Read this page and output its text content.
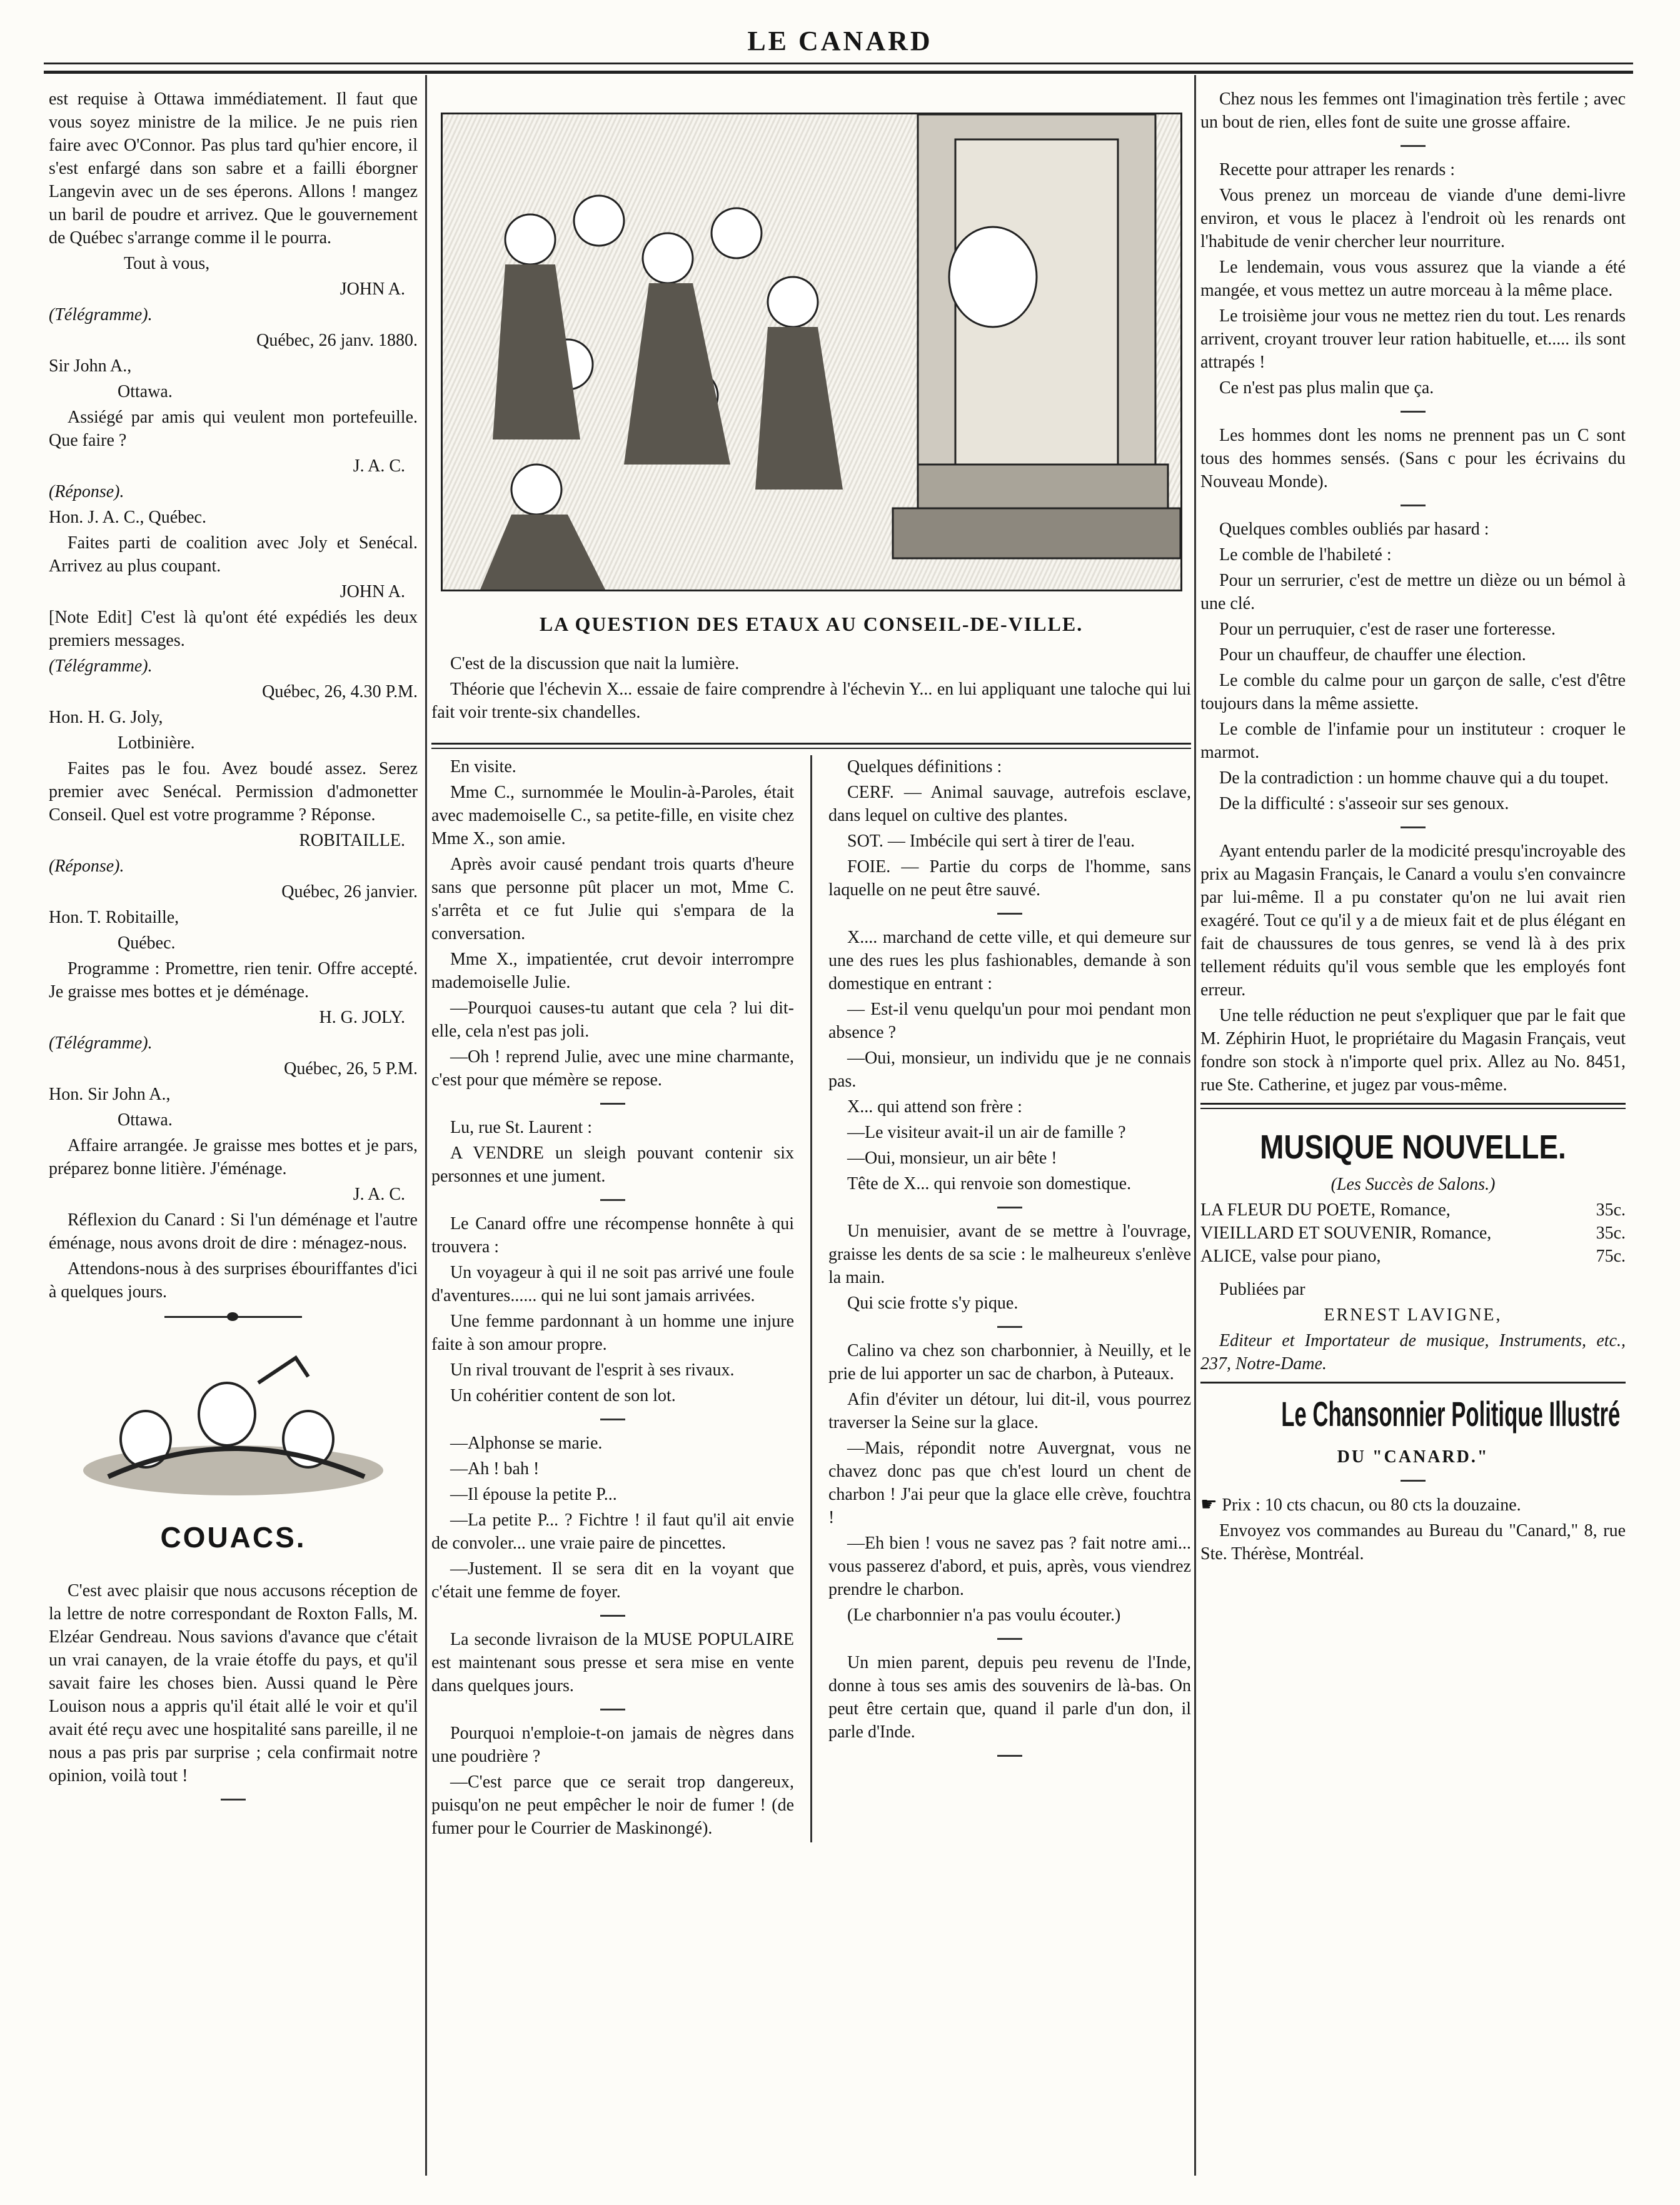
LE CANARD

est requise à Ottawa immédiatement. Il faut que vous soyez ministre de la milice. Je ne puis rien faire avec O'Connor. Pas plus tard qu'hier encore, il s'est enfargé dans son sabre et a failli éborgner Langevin avec un de ses éperons. Allons ! mangez un baril de poudre et arrivez. Que le gouvernement de Québec s'arrange comme il le pourra.

Tout à vous,

JOHN A.

(Télégramme).

Québec, 26 janv. 1880.

Sir John A.,

Ottawa.

Assiégé par amis qui veulent mon portefeuille. Que faire ?

J. A. C.

(Réponse).

Hon. J. A. C., Québec.

Faites parti de coalition avec Joly et Senécal. Arrivez au plus coupant.

JOHN A.

[Note Edit] C'est là qu'ont été expédiés les deux premiers messages.

(Télégramme).

Québec, 26, 4.30 P.M.

Hon. H. G. Joly,

Lotbinière.

Faites pas le fou. Avez boudé assez. Serez premier avec Senécal. Permission d'admonetter Conseil. Quel est votre programme ? Réponse.

ROBITAILLE.

(Réponse).

Québec, 26 janvier.

Hon. T. Robitaille,

Québec.

Programme : Promettre, rien tenir. Offre accepté. Je graisse mes bottes et je déménage.

H. G. JOLY.

(Télégramme).

Québec, 26, 5 P.M.

Hon. Sir John A.,

Ottawa.

Affaire arrangée. Je graisse mes bottes et je pars, préparez bonne litière. J'éménage.

J. A. C.

Réflexion du Canard : Si l'un déménage et l'autre éménage, nous avons droit de dire : ménagez-nous.

Attendons-nous à des surprises ébouriffantes d'ici à quelques jours.

COUACS.

C'est avec plaisir que nous accusons réception de la lettre de notre correspondant de Roxton Falls, M. Elzéar Gendreau. Nous savions d'avance que c'était un vrai canayen, de la vraie étoffe du pays, et qu'il savait faire les choses bien. Aussi quand le Père Louison nous a appris qu'il était allé le voir et qu'il avait été reçu avec une hospitalité sans pareille, il ne nous a pas pris par surprise ; cela confirmait notre opinion, voilà tout !

LA QUESTION DES ETAUX AU CONSEIL-DE-VILLE.

C'est de la discussion que nait la lumière.

Théorie que l'échevin X... essaie de faire comprendre à l'échevin Y... en lui appliquant une taloche qui lui fait voir trente-six chandelles.

En visite.

Mme C., surnommée le Moulin-à-Paroles, était avec mademoiselle C., sa petite-fille, en visite chez Mme X., son amie.

Après avoir causé pendant trois quarts d'heure sans que personne pût placer un mot, Mme C. s'arrêta et ce fut Julie qui s'empara de la conversation.

Mme X., impatientée, crut devoir interrompre mademoiselle Julie.

—Pourquoi causes-tu autant que cela ? lui dit-elle, cela n'est pas joli.

—Oh ! reprend Julie, avec une mine charmante, c'est pour que mémère se repose.

Lu, rue St. Laurent :

A VENDRE un sleigh pouvant contenir six personnes et une jument.

Le Canard offre une récompense honnête à qui trouvera :

Un voyageur à qui il ne soit pas arrivé une foule d'aventures...... qui ne lui sont jamais arrivées.

Une femme pardonnant à un homme une injure faite à son amour propre.

Un rival trouvant de l'esprit à ses rivaux.

Un cohéritier content de son lot.

—Alphonse se marie.

—Ah ! bah !

—Il épouse la petite P...

—La petite P... ? Fichtre ! il faut qu'il ait envie de convoler... une vraie paire de pincettes.

—Justement. Il se sera dit en la voyant que c'était une femme de foyer.

La seconde livraison de la MUSE POPULAIRE est maintenant sous presse et sera mise en vente dans quelques jours.

Pourquoi n'emploie-t-on jamais de nègres dans une poudrière ?

—C'est parce que ce serait trop dangereux, puisqu'on ne peut empêcher le noir de fumer ! (de fumer pour le Courrier de Maskinongé).

Quelques définitions :

CERF. — Animal sauvage, autrefois esclave, dans lequel on cultive des plantes.

SOT. — Imbécile qui sert à tirer de l'eau.

FOIE. — Partie du corps de l'homme, sans laquelle on ne peut être sauvé.

X.... marchand de cette ville, et qui demeure sur une des rues les plus fashionables, demande à son domestique en entrant :

— Est-il venu quelqu'un pour moi pendant mon absence ?

—Oui, monsieur, un individu que je ne connais pas.

X... qui attend son frère :

—Le visiteur avait-il un air de famille ?

—Oui, monsieur, un air bête !

Tête de X... qui renvoie son domestique.

Un menuisier, avant de se mettre à l'ouvrage, graisse les dents de sa scie : le malheureux s'enlève la main.

Qui scie frotte s'y pique.

Calino va chez son charbonnier, à Neuilly, et le prie de lui apporter un sac de charbon, à Puteaux.

Afin d'éviter un détour, lui dit-il, vous pourrez traverser la Seine sur la glace.

—Mais, répondit notre Auvergnat, vous ne chavez donc pas que ch'est lourd un chent de charbon ! J'ai peur que la glace elle crève, fouchtra !

—Eh bien ! vous ne savez pas ? fait notre ami... vous passerez d'abord, et puis, après, vous viendrez prendre le charbon.

(Le charbonnier n'a pas voulu écouter.)

Un mien parent, depuis peu revenu de l'Inde, donne à tous ses amis des souvenirs de là-bas. On peut être certain que, quand il parle d'un don, il parle d'Inde.

Chez nous les femmes ont l'imagination très fertile ; avec un bout de rien, elles font de suite une grosse affaire.

Recette pour attraper les renards :

Vous prenez un morceau de viande d'une demi-livre environ, et vous le placez à l'endroit où les renards ont l'habitude de venir chercher leur nourriture.

Le lendemain, vous vous assurez que la viande a été mangée, et vous mettez un autre morceau à la même place.

Le troisième jour vous ne mettez rien du tout. Les renards arrivent, croyant trouver leur ration habituelle, et..... ils sont attrapés !

Ce n'est pas plus malin que ça.

Les hommes dont les noms ne prennent pas un C sont tous des hommes sensés. (Sans c pour les écrivains du Nouveau Monde).

Quelques combles oubliés par hasard :

Le comble de l'habileté :

Pour un serrurier, c'est de mettre un dièze ou un bémol à une clé.

Pour un perruquier, c'est de raser une forteresse.

Pour un chauffeur, de chauffer une élection.

Le comble du calme pour un garçon de salle, c'est d'être toujours dans la même assiette.

Le comble de l'infamie pour un instituteur : croquer le marmot.

De la contradiction : un homme chauve qui a du toupet.

De la difficulté : s'asseoir sur ses genoux.

Ayant entendu parler de la modicité presqu'incroyable des prix au Magasin Français, le Canard a voulu s'en convaincre par lui-même. Il a pu constater qu'on ne lui avait rien exagéré. Tout ce qu'il y a de mieux fait et de plus élégant en fait de chaussures de tous genres, se vend là à des prix tellement réduits qu'il vous semble que les employés font erreur.

Une telle réduction ne peut s'expliquer que par le fait que M. Zéphirin Huot, le propriétaire du Magasin Français, veut fondre son stock à n'importe quel prix. Allez au No. 8451, rue Ste. Catherine, et jugez par vous-même.

MUSIQUE NOUVELLE.

(Les Succès de Salons.)

LA FLEUR DU POETE, Romance,	35c.
VIEILLARD ET SOUVENIR, Romance,	35c.
ALICE, valse pour piano,	75c.

Publiées par

ERNEST LAVIGNE,

Editeur et Importateur de musique, Instruments, etc., 237, Notre-Dame.

Le Chansonnier Politique Illustré

DU "CANARD."

☛ Prix : 10 cts chacun, ou 80 cts la douzaine.

Envoyez vos commandes au Bureau du "Canard," 8, rue Ste. Thérèse, Montréal.
